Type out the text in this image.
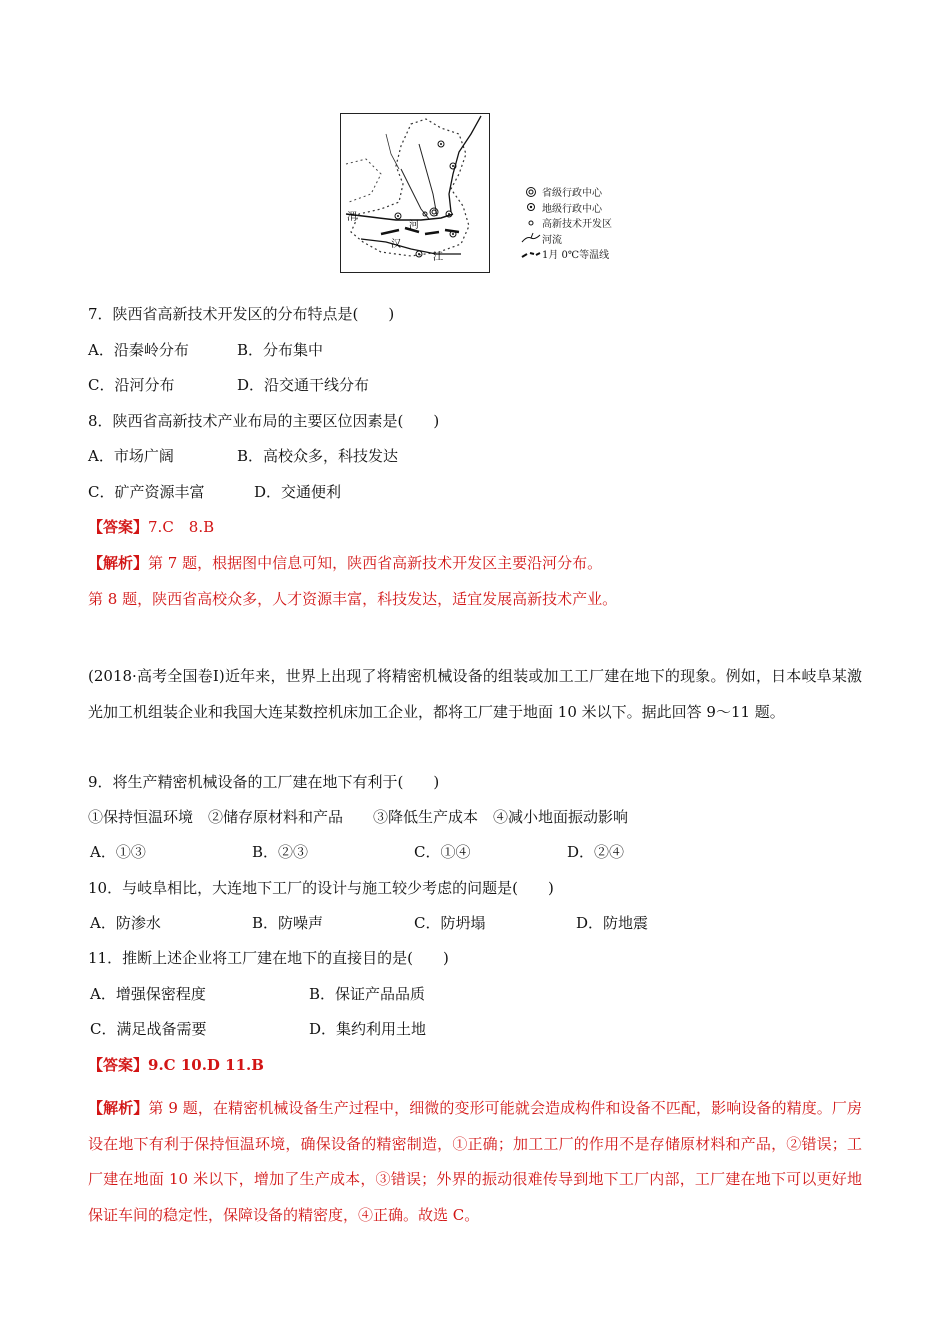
渭
河
汉
江
省级行政中心
地级行政中心
高新技术开发区
河流
1月 0℃等温线
7．陕西省高新技术开发区的分布特点是(　　)
A．沿秦岭分布	B．分布集中
C．沿河分布	D．沿交通干线分布
8．陕西省高新技术产业布局的主要区位因素是(　　)
A．市场广阔	B．高校众多，科技发达
C．矿产资源丰富	D．交通便利
【答案】7.C　8.B
【解析】第 7 题，根据图中信息可知，陕西省高新技术开发区主要沿河分布。
第 8 题，陕西省高校众多，人才资源丰富，科技发达，适宜发展高新技术产业。
(2018·高考全国卷Ⅰ)近年来，世界上出现了将精密机械设备的组装或加工工厂建在地下的现象。例如，日本岐阜某激光加工机组装企业和我国大连某数控机床加工企业，都将工厂建于地面 10 米以下。据此回答 9～11 题。
9．将生产精密机械设备的工厂建在地下有利于(　　)
①保持恒温环境　②储存原材料和产品　　③降低生产成本　④减小地面振动影响
A．①③	B．②③	C．①④	D．②④
10．与岐阜相比，大连地下工厂的设计与施工较少考虑的问题是(　　)
A．防渗水	B．防噪声	C．防坍塌	D．防地震
11．推断上述企业将工厂建在地下的直接目的是(　　)
A．增强保密程度	B．保证产品品质
C．满足战备需要	D．集约利用土地
【答案】9.C 10.D 11.B
【解析】第 9 题，在精密机械设备生产过程中，细微的变形可能就会造成构件和设备不匹配，影响设备的精度。厂房设在地下有利于保持恒温环境，确保设备的精密制造，①正确；加工工厂的作用不是存储原材料和产品，②错误；工厂建在地面 10 米以下，增加了生产成本，③错误；外界的振动很难传导到地下工厂内部，工厂建在地下可以更好地保证车间的稳定性，保障设备的精密度，④正确。故选 C。
